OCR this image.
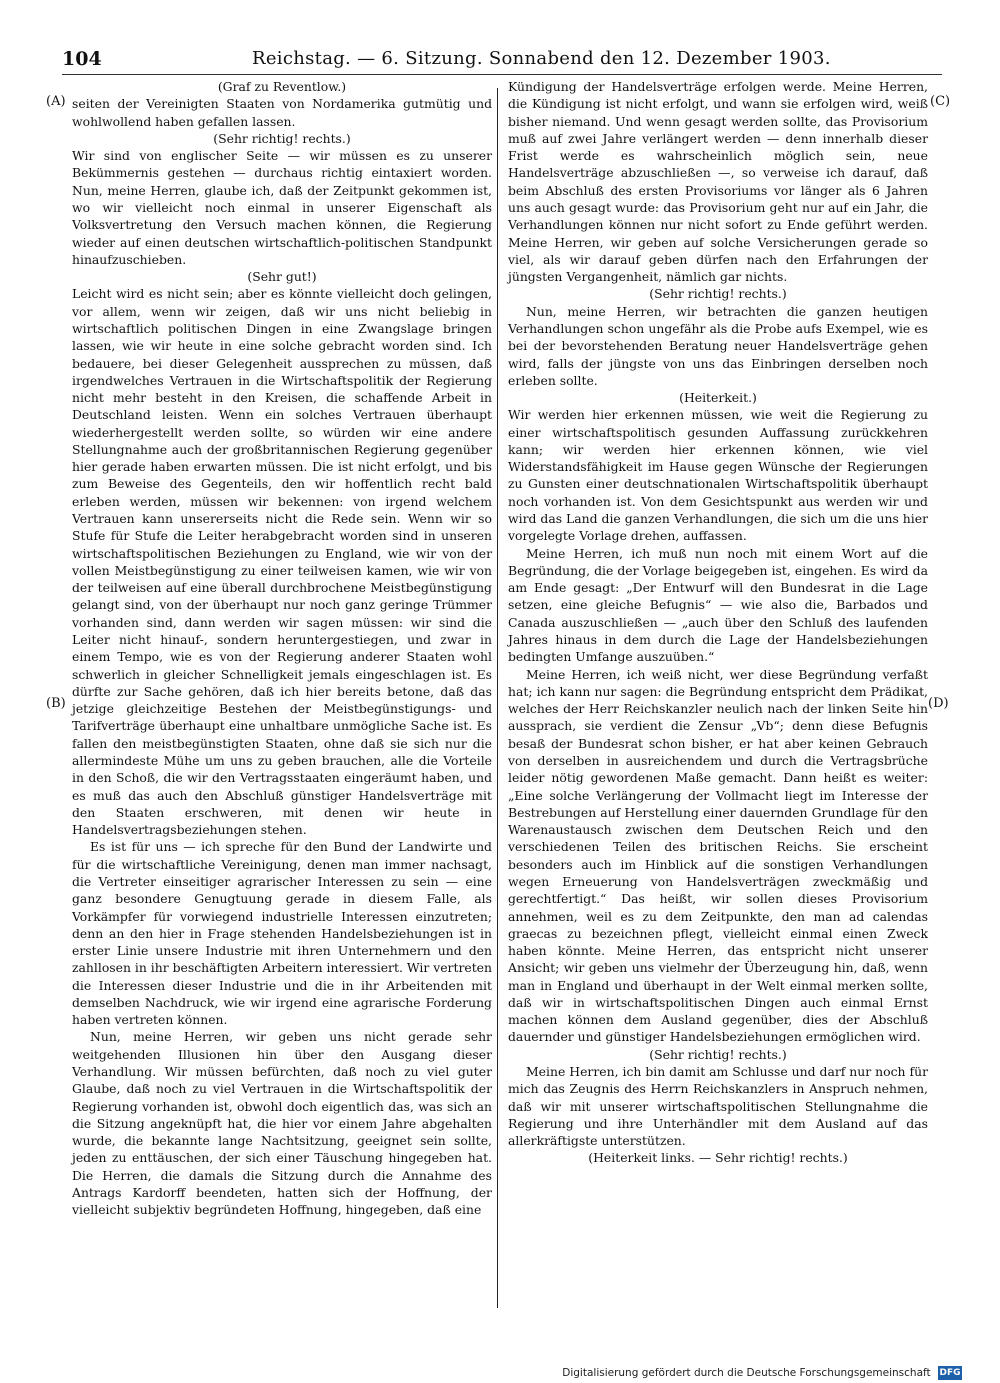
104	Reichstag. — 6. Sitzung. Sonnabend den 12. Dezember 1903.
(A)
(B)
(C)
(D)

(Graf zu Reventlow.)

seiten der Vereinigten Staaten von Nordamerika gutmütig und wohlwollend haben gefallen lassen.

(Sehr richtig! rechts.)

Wir sind von englischer Seite — wir müssen es zu unserer Bekümmernis gestehen — durchaus richtig eintaxiert worden. Nun, meine Herren, glaube ich, daß der Zeitpunkt gekommen ist, wo wir vielleicht noch einmal in unserer Eigenschaft als Volksvertretung den Versuch machen können, die Regierung wieder auf einen deutschen wirtschaftlich-politischen Standpunkt hinaufzuschieben.

(Sehr gut!)

Leicht wird es nicht sein; aber es könnte vielleicht doch gelingen, vor allem, wenn wir zeigen, daß wir uns nicht beliebig in wirtschaftlich politischen Dingen in eine Zwangslage bringen lassen, wie wir heute in eine solche gebracht worden sind. Ich bedauere, bei dieser Gelegenheit aussprechen zu müssen, daß irgendwelches Vertrauen in die Wirtschaftspolitik der Regierung nicht mehr besteht in den Kreisen, die schaffende Arbeit in Deutschland leisten. Wenn ein solches Vertrauen überhaupt wiederhergestellt werden sollte, so würden wir eine andere Stellungnahme auch der großbritannischen Regierung gegenüber hier gerade haben erwarten müssen. Die ist nicht erfolgt, und bis zum Beweise des Gegenteils, den wir hoffentlich recht bald erleben werden, müssen wir bekennen: von irgend welchem Vertrauen kann unsererseits nicht die Rede sein. Wenn wir so Stufe für Stufe die Leiter herabgebracht worden sind in unseren wirtschaftspolitischen Beziehungen zu England, wie wir von der vollen Meistbegünstigung zu einer teilweisen kamen, wie wir von der teilweisen auf eine überall durchbrochene Meistbegünstigung gelangt sind, von der überhaupt nur noch ganz geringe Trümmer vorhanden sind, dann werden wir sagen müssen: wir sind die Leiter nicht hinauf-, sondern heruntergestiegen, und zwar in einem Tempo, wie es von der Regierung anderer Staaten wohl schwerlich in gleicher Schnelligkeit jemals eingeschlagen ist. Es dürfte zur Sache gehören, daß ich hier bereits betone, daß das jetzige gleichzeitige Bestehen der Meistbegünstigungs- und Tarifverträge überhaupt eine unhaltbare unmögliche Sache ist. Es fallen den meistbegünstigten Staaten, ohne daß sie sich nur die allermindeste Mühe um uns zu geben brauchen, alle die Vorteile in den Schoß, die wir den Vertragsstaaten eingeräumt haben, und es muß das auch den Abschluß günstiger Handelsverträge mit den Staaten erschweren, mit denen wir heute in Handelsvertragsbeziehungen stehen.

Es ist für uns — ich spreche für den Bund der Landwirte und für die wirtschaftliche Vereinigung, denen man immer nachsagt, die Vertreter einseitiger agrarischer Interessen zu sein — eine ganz besondere Genugtuung gerade in diesem Falle, als Vorkämpfer für vorwiegend industrielle Interessen einzutreten; denn an den hier in Frage stehenden Handelsbeziehungen ist in erster Linie unsere Industrie mit ihren Unternehmern und den zahllosen in ihr beschäftigten Arbeitern interessiert. Wir vertreten die Interessen dieser Industrie und die in ihr Arbeitenden mit demselben Nachdruck, wie wir irgend eine agrarische Forderung haben vertreten können.

Nun, meine Herren, wir geben uns nicht gerade sehr weitgehenden Illusionen hin über den Ausgang dieser Verhandlung. Wir müssen befürchten, daß noch zu viel guter Glaube, daß noch zu viel Vertrauen in die Wirtschaftspolitik der Regierung vorhanden ist, obwohl doch eigentlich das, was sich an die Sitzung angeknüpft hat, die hier vor einem Jahre abgehalten wurde, die bekannte lange Nachtsitzung, geeignet sein sollte, jeden zu enttäuschen, der sich einer Täuschung hingegeben hat. Die Herren, die damals die Sitzung durch die Annahme des Antrags Kardorff beendeten, hatten sich der Hoffnung, der vielleicht subjektiv begründeten Hoffnung, hingegeben, daß eine

Kündigung der Handelsverträge erfolgen werde. Meine Herren, die Kündigung ist nicht erfolgt, und wann sie erfolgen wird, weiß bisher niemand. Und wenn gesagt werden sollte, das Provisorium muß auf zwei Jahre verlängert werden — denn innerhalb dieser Frist werde es wahrscheinlich möglich sein, neue Handelsverträge abzuschließen —, so verweise ich darauf, daß beim Abschluß des ersten Provisoriums vor länger als 6 Jahren uns auch gesagt wurde: das Provisorium geht nur auf ein Jahr, die Verhandlungen können nur nicht sofort zu Ende geführt werden. Meine Herren, wir geben auf solche Versicherungen gerade so viel, als wir darauf geben dürfen nach den Erfahrungen der jüngsten Vergangenheit, nämlich gar nichts.

(Sehr richtig! rechts.)

Nun, meine Herren, wir betrachten die ganzen heutigen Verhandlungen schon ungefähr als die Probe aufs Exempel, wie es bei der bevorstehenden Beratung neuer Handelsverträge gehen wird, falls der jüngste von uns das Einbringen derselben noch erleben sollte.

(Heiterkeit.)

Wir werden hier erkennen müssen, wie weit die Regierung zu einer wirtschaftspolitisch gesunden Auffassung zurückkehren kann; wir werden hier erkennen können, wie viel Widerstandsfähigkeit im Hause gegen Wünsche der Regierungen zu Gunsten einer deutschnationalen Wirtschaftspolitik überhaupt noch vorhanden ist. Von dem Gesichtspunkt aus werden wir und wird das Land die ganzen Verhandlungen, die sich um die uns hier vorgelegte Vorlage drehen, auffassen.

Meine Herren, ich muß nun noch mit einem Wort auf die Begründung, die der Vorlage beigegeben ist, eingehen. Es wird da am Ende gesagt: „Der Entwurf will den Bundesrat in die Lage setzen, eine gleiche Befugnis“ — wie also die, Barbados und Canada auszuschließen — „auch über den Schluß des laufenden Jahres hinaus in dem durch die Lage der Handelsbeziehungen bedingten Umfange auszuüben.“

Meine Herren, ich weiß nicht, wer diese Begründung verfaßt hat; ich kann nur sagen: die Begründung entspricht dem Prädikat, welches der Herr Reichskanzler neulich nach der linken Seite hin aussprach, sie verdient die Zensur „Vb“; denn diese Befugnis besaß der Bundesrat schon bisher, er hat aber keinen Gebrauch von derselben in ausreichendem und durch die Vertragsbrüche leider nötig gewordenen Maße gemacht. Dann heißt es weiter: „Eine solche Verlängerung der Vollmacht liegt im Interesse der Bestrebungen auf Herstellung einer dauernden Grundlage für den Warenaustausch zwischen dem Deutschen Reich und den verschiedenen Teilen des britischen Reichs. Sie erscheint besonders auch im Hinblick auf die sonstigen Verhandlungen wegen Erneuerung von Handelsverträgen zweckmäßig und gerechtfertigt.“ Das heißt, wir sollen dieses Provisorium annehmen, weil es zu dem Zeitpunkte, den man ad calendas graecas zu bezeichnen pflegt, vielleicht einmal einen Zweck haben könnte. Meine Herren, das entspricht nicht unserer Ansicht; wir geben uns vielmehr der Überzeugung hin, daß, wenn man in England und überhaupt in der Welt einmal merken sollte, daß wir in wirtschaftspolitischen Dingen auch einmal Ernst machen können dem Ausland gegenüber, dies der Abschluß dauernder und günstiger Handelsbeziehungen ermöglichen wird.

(Sehr richtig! rechts.)

Meine Herren, ich bin damit am Schlusse und darf nur noch für mich das Zeugnis des Herrn Reichskanzlers in Anspruch nehmen, daß wir mit unserer wirtschaftspolitischen Stellungnahme die Regierung und ihre Unterhändler mit dem Ausland auf das allerkräftigste unterstützen.

(Heiterkeit links. — Sehr richtig! rechts.)

Digitalisierung gefördert durch die Deutsche Forschungsgemeinschaft DFG
